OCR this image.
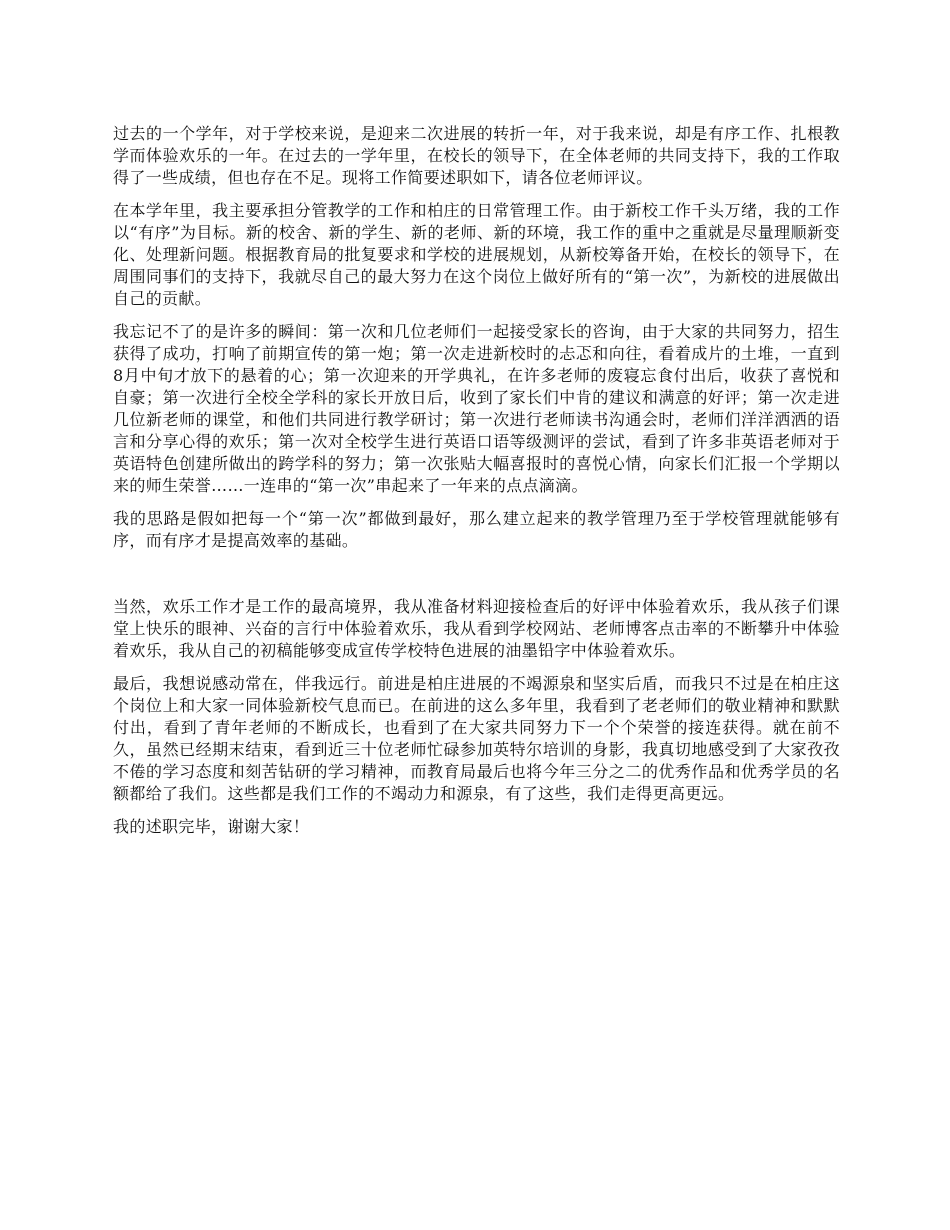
过去的一个学年，对于学校来说，是迎来二次进展的转折一年，对于我来说，却是有序工作、扎根教学而体验欢乐的一年。在过去的一学年里，在校长的领导下，在全体老师的共同支持下，我的工作取得了一些成绩，但也存在不足。现将工作简要述职如下，请各位老师评议。

在本学年里，我主要承担分管教学的工作和柏庄的日常管理工作。由于新校工作千头万绪，我的工作以“有序”为目标。新的校舍、新的学生、新的老师、新的环境，我工作的重中之重就是尽量理顺新变化、处理新问题。根据教育局的批复要求和学校的进展规划，从新校筹备开始，在校长的领导下，在周围同事们的支持下，我就尽自己的最大努力在这个岗位上做好所有的“第一次”，为新校的进展做出自己的贡献。

我忘记不了的是许多的瞬间：第一次和几位老师们一起接受家长的咨询，由于大家的共同努力，招生获得了成功，打响了前期宣传的第一炮；第一次走进新校时的忐忑和向往，看着成片的土堆，一直到8月中旬才放下的悬着的心；第一次迎来的开学典礼，在许多老师的废寝忘食付出后，收获了喜悦和自豪；第一次进行全校全学科的家长开放日后，收到了家长们中肯的建议和满意的好评；第一次走进几位新老师的课堂，和他们共同进行教学研讨；第一次进行老师读书沟通会时，老师们洋洋洒洒的语言和分享心得的欢乐；第一次对全校学生进行英语口语等级测评的尝试，看到了许多非英语老师对于英语特色创建所做出的跨学科的努力；第一次张贴大幅喜报时的喜悦心情，向家长们汇报一个学期以来的师生荣誉……一连串的“第一次”串起来了一年来的点点滴滴。

我的思路是假如把每一个“第一次”都做到最好，那么建立起来的教学管理乃至于学校管理就能够有序，而有序才是提高效率的基础。

当然，欢乐工作才是工作的最高境界，我从准备材料迎接检查后的好评中体验着欢乐，我从孩子们课堂上快乐的眼神、兴奋的言行中体验着欢乐，我从看到学校网站、老师博客点击率的不断攀升中体验着欢乐，我从自己的初稿能够变成宣传学校特色进展的油墨铅字中体验着欢乐。

最后，我想说感动常在，伴我远行。前进是柏庄进展的不竭源泉和坚实后盾，而我只不过是在柏庄这个岗位上和大家一同体验新校气息而已。在前进的这么多年里，我看到了老老师们的敬业精神和默默付出，看到了青年老师的不断成长，也看到了在大家共同努力下一个个荣誉的接连获得。就在前不久，虽然已经期末结束，看到近三十位老师忙碌参加英特尔培训的身影，我真切地感受到了大家孜孜不倦的学习态度和刻苦钻研的学习精神，而教育局最后也将今年三分之二的优秀作品和优秀学员的名额都给了我们。这些都是我们工作的不竭动力和源泉，有了这些，我们走得更高更远。

我的述职完毕，谢谢大家！
